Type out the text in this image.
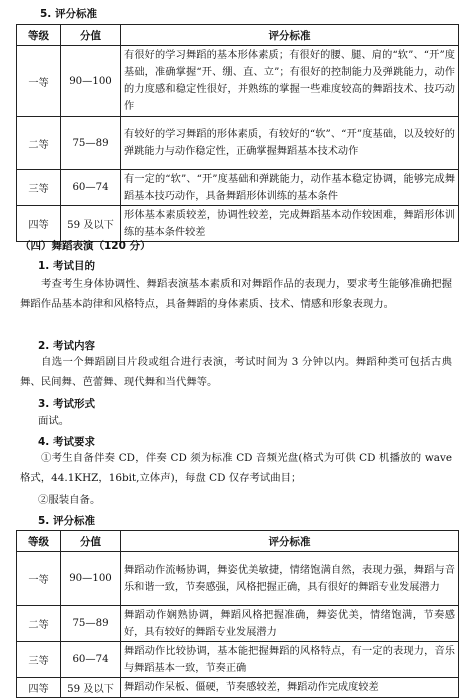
5. 评分标准
等级	分值	评分标准
一等	90—100	有很好的学习舞蹈的基本形体素质；有很好的腰、腿、肩的“软”、“开”度基础，准确掌握“开、绷、直、立”；有很好的控制能力及弹跳能力，动作的力度感和稳定性很好，并熟练的掌握一些难度较高的舞蹈技术、技巧动作
二等	75—89	有较好的学习舞蹈的形体素质，有较好的“软”、“开”度基础，以及较好的弹跳能力与动作稳定性，正确掌握舞蹈基本技术动作
三等	60—74	有一定的“软”、“开”度基础和弹跳能力，动作基本稳定协调，能够完成舞蹈基本技巧动作，具备舞蹈形体训练的基本条件
四等	59 及以下	形体基本素质较差，协调性较差，完成舞蹈基本动作较困难，舞蹈形体训练的基本条件较差
（四）舞蹈表演（120 分）
1. 考试目的

考查考生身体协调性、舞蹈表演基本素质和对舞蹈作品的表现力，要求考生能够准确把握舞蹈作品基本韵律和风格特点，具备舞蹈的身体素质、技术、情感和形象表现力。

2. 考试内容

自选一个舞蹈剧目片段或组合进行表演，考试时间为 3 分钟以内。舞蹈种类可包括古典舞、民间舞、芭蕾舞、现代舞和当代舞等。

3. 考试形式
面试。
4. 考试要求

①考生自备伴奏 CD，伴奏 CD 须为标准 CD 音频光盘(格式为可供 CD 机播放的 wave 格式，44.1KHZ，16bit,立体声)，每盘 CD 仅存考试曲目；

②服装自备。
5. 评分标准
等级	分值	评分标准
一等	90—100	舞蹈动作流畅协调，舞姿优美敏捷，情绪饱满自然，表现力强，舞蹈与音乐和谐一致，节奏感强，风格把握正确，具有很好的舞蹈专业发展潜力
二等	75—89	舞蹈动作娴熟协调，舞蹈风格把握准确，舞姿优美，情绪饱满，节奏感好，具有较好的舞蹈专业发展潜力
三等	60—74	舞蹈动作比较协调，基本能把握舞蹈的风格特点，有一定的表现力，音乐与舞蹈基本一致，节奏正确
四等	59 及以下	舞蹈动作呆板、僵硬，节奏感较差，舞蹈动作完成度较差
